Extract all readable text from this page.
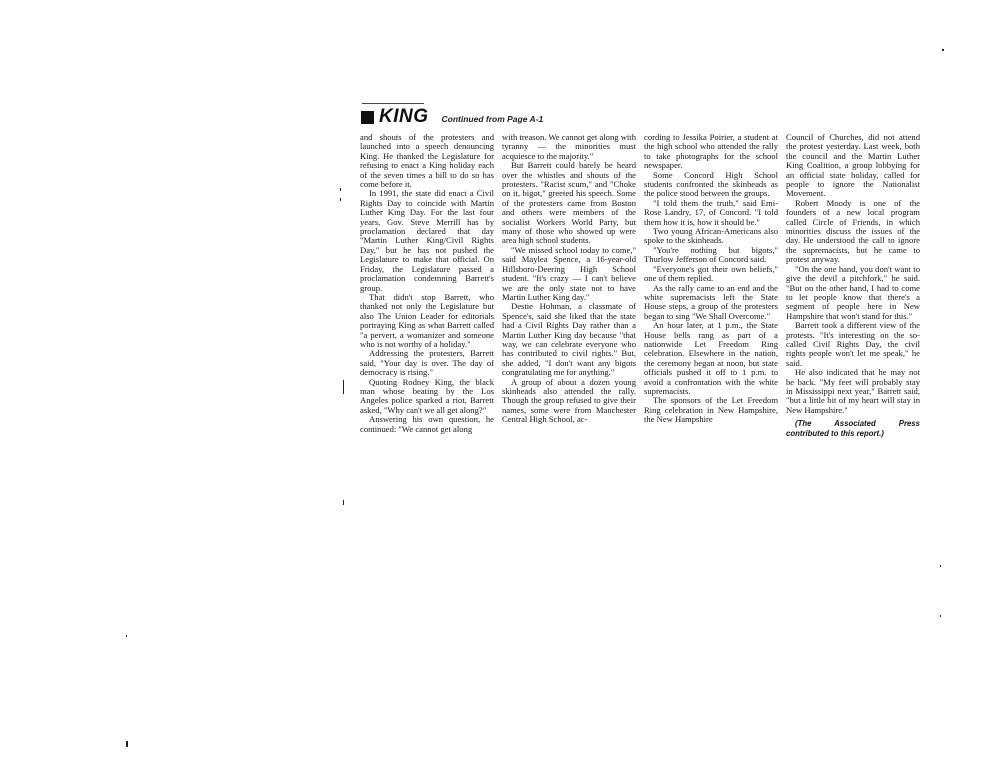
KING Continued from Page A-1

and shouts of the protesters and launched into a speech denouncing King. He thanked the Legislature for refusing to enact a King holiday each of the seven times a bill to do so has come before it.

In 1991, the state did enact a Civil Rights Day to coincide with Martin Luther King Day. For the last four years, Gov. Steve Merrill has by proclamation declared that day "Martin Luther King/Civil Rights Day," but he has not pushed the Legislature to make that official. On Friday, the Legislature passed a proclamation condemning Barrett's group.

That didn't stop Barrett, who thanked not only the Legislature but also The Union Leader for editorials portraying King as what Barrett called "a pervert, a womanizer and someone who is not worthy of a holiday."

Addressing the protesters, Barrett said, "Your day is over. The day of democracy is rising."

Quoting Rodney King, the black man whose beating by the Los Angeles police sparked a riot, Barrett asked, "Why can't we all get along?"

Answering his own question, he continued: "We cannot get along

with treason. We cannot get along with tyranny — the minorities must acquiesce to the majority."

But Barrett could barely be heard over the whistles and shouts of the protesters. "Racist scum," and "Choke on it, bigot," greeted his speech. Some of the protesters came from Boston and others were members of the socialist Workers World Party, but many of those who showed up were area high school students.

"We missed school today to come," said Maylea Spence, a 16-year-old Hillsboro-Deering High School student. "It's crazy — I can't believe we are the only state not to have Martin Luther King day."

Destie Hohman, a classmate of Spence's, said she liked that the state had a Civil Rights Day rather than a Martin Luther King day because "that way, we can celebrate everyone who has contributed to civil rights." But, she added, "I don't want any bigots congratulating me for anything."

A group of about a dozen young skinheads also attended the rally. Though the group refused to give their names, some were from Manchester Central High School, ac-

cording to Jessika Poirier, a student at the high school who attended the rally to take photographs for the school newspaper.

Some Concord High School students confronted the skinheads as the police stood between the groups.

"I told them the truth," said Emi-Rose Landry, 17, of Concord. "I told them how it is, how it should be."

Two young African-Americans also spoke to the skinheads.

"You're nothing but bigots," Thurlow Jefferson of Concord said.

"Everyone's got their own beliefs," one of them replied.

As the rally came to an end and the white supremacists left the State House steps, a group of the protesters began to sing "We Shall Overcome."

An hour later, at 1 p.m., the State House bells rang as part of a nationwide Let Freedom Ring celebration. Elsewhere in the nation, the ceremony began at noon, but state officials pushed it off to 1 p.m. to avoid a confrontation with the white supremacists.

The sponsors of the Let Freedom Ring celebration in New Hampshire, the New Hampshire

Council of Churches, did not attend the protest yesterday. Last week, both the council and the Martin Luther King Coalition, a group lobbying for an official state holiday, called for people to ignore the Nationalist Movement.

Robert Moody is one of the founders of a new local program called Circle of Friends, in which minorities discuss the issues of the day. He understood the call to ignore the supremacists, but he came to protest anyway.

"On the one hand, you don't want to give the devil a pitchfork," he said. "But on the other hand, I had to come to let people know that there's a segment of people here in New Hampshire that won't stand for this."

Barrett took a different view of the protests. "It's interesting on the so-called Civil Rights Day, the civil rights people won't let me speak," he said.

He also indicated that he may not be back. "My feet will probably stay in Mississippi next year," Barrett said, "but a little bit of my heart will stay in New Hampshire."

(The Associated Press contributed to this report.)
